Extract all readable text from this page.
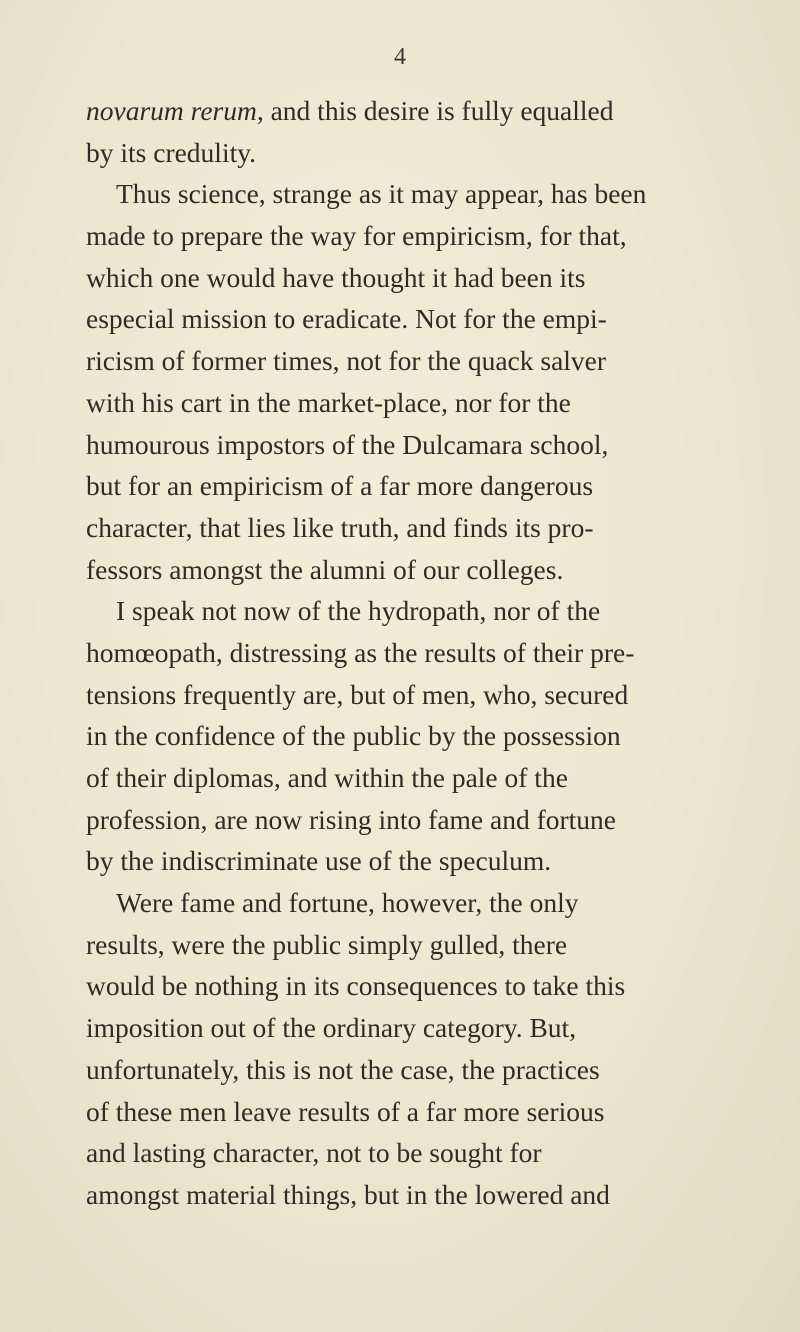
4
novarum rerum, and this desire is fully equalled
by its credulity.
Thus science, strange as it may appear, has been
made to prepare the way for empiricism, for that,
which one would have thought it had been its
especial mission to eradicate. Not for the empi-
ricism of former times, not for the quack salver
with his cart in the market-place, nor for the
humourous impostors of the Dulcamara school,
but for an empiricism of a far more dangerous
character, that lies like truth, and finds its pro-
fessors amongst the alumni of our colleges.
I speak not now of the hydropath, nor of the
homœopath, distressing as the results of their pre-
tensions frequently are, but of men, who, secured
in the confidence of the public by the possession
of their diplomas, and within the pale of the
profession, are now rising into fame and fortune
by the indiscriminate use of the speculum.
Were fame and fortune, however, the only
results, were the public simply gulled, there
would be nothing in its consequences to take this
imposition out of the ordinary category. But,
unfortunately, this is not the case, the practices
of these men leave results of a far more serious
and lasting character, not to be sought for
amongst material things, but in the lowered and
